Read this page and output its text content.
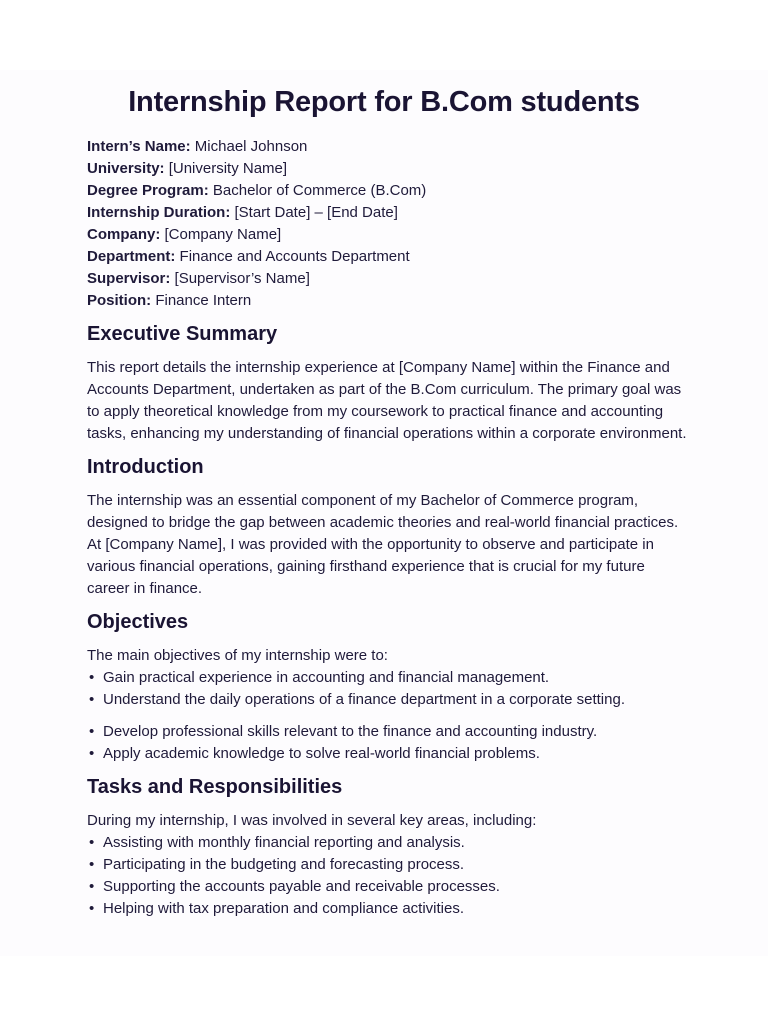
Internship Report for B.Com students
Intern’s Name: Michael Johnson
University: [University Name]
Degree Program: Bachelor of Commerce (B.Com)
Internship Duration: [Start Date] – [End Date]
Company: [Company Name]
Department: Finance and Accounts Department
Supervisor: [Supervisor’s Name]
Position: Finance Intern
Executive Summary

This report details the internship experience at [Company Name] within the Finance and Accounts Department, undertaken as part of the B.Com curriculum. The primary goal was to apply theoretical knowledge from my coursework to practical finance and accounting tasks, enhancing my understanding of financial operations within a corporate environment.

Introduction

The internship was an essential component of my Bachelor of Commerce program, designed to bridge the gap between academic theories and real-world financial practices. At [Company Name], I was provided with the opportunity to observe and participate in various financial operations, gaining firsthand experience that is crucial for my future career in finance.

Objectives

The main objectives of my internship were to:

• Gain practical experience in accounting and financial management.
• Understand the daily operations of a finance department in a corporate setting.
• Develop professional skills relevant to the finance and accounting industry.
• Apply academic knowledge to solve real-world financial problems.
Tasks and Responsibilities

During my internship, I was involved in several key areas, including:

• Assisting with monthly financial reporting and analysis.
• Participating in the budgeting and forecasting process.
• Supporting the accounts payable and receivable processes.
• Helping with tax preparation and compliance activities.
